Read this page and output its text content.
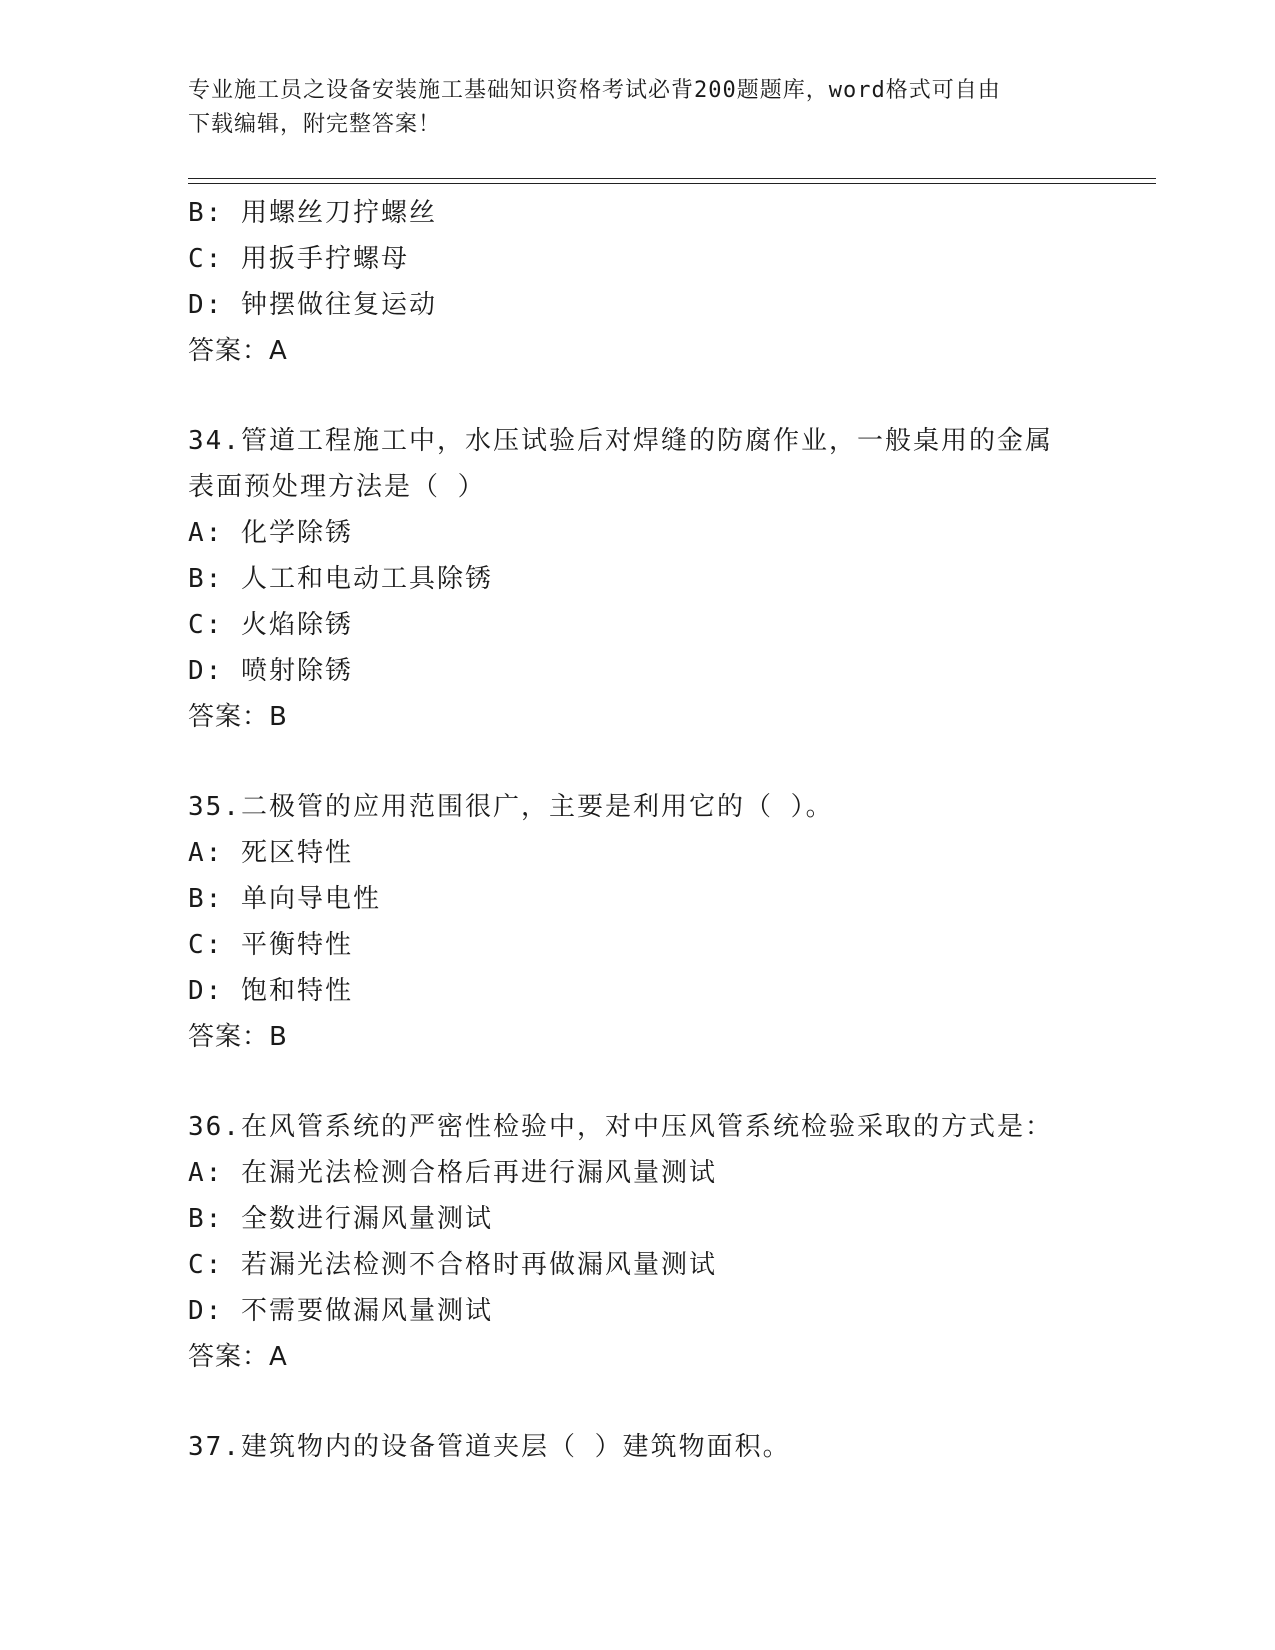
专业施工员之设备安装施工基础知识资格考试必背200题题库，word格式可自由
下载编辑，附完整答案！
B: 用螺丝刀拧螺丝
C: 用扳手拧螺母
D: 钟摆做往复运动
答案：A
34.管道工程施工中，水压试验后对焊缝的防腐作业，一般桌用的金属
表面预处理方法是（ ）
A: 化学除锈
B: 人工和电动工具除锈
C: 火焰除锈
D: 喷射除锈
答案：B
35.二极管的应用范围很广，主要是利用它的（ ）。
A: 死区特性
B: 单向导电性
C: 平衡特性
D: 饱和特性
答案：B
36.在风管系统的严密性检验中，对中压风管系统检验采取的方式是：
A: 在漏光法检测合格后再进行漏风量测试
B: 全数进行漏风量测试
C: 若漏光法检测不合格时再做漏风量测试
D: 不需要做漏风量测试
答案：A
37.建筑物内的设备管道夹层（ ）建筑物面积。
